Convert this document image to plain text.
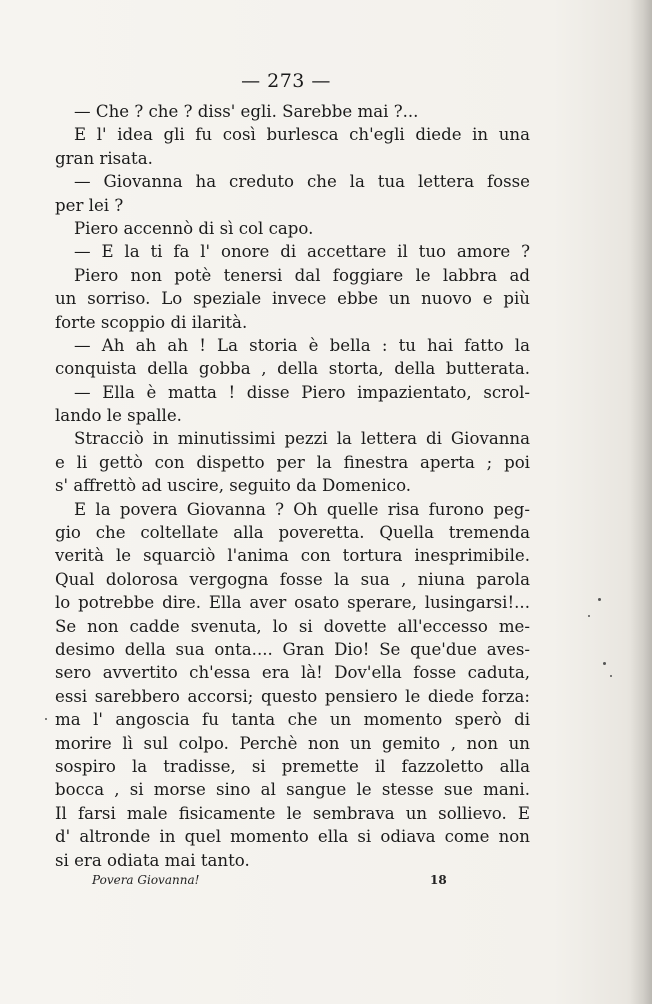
— 273 —
— Che ? che ? diss' egli. Sarebbe mai ?...
E l' idea gli fu così burlesca ch'egli diede in una
gran risata.
— Giovanna ha creduto che la tua lettera fosse
per lei ?
Piero accennò di sì col capo.
— E la ti fa l' onore di accettare il tuo amore ?
Piero non potè tenersi dal foggiare le labbra ad
un sorriso. Lo speziale invece ebbe un nuovo e più
forte scoppio di ilarità.
— Ah ah ah ! La storia è bella : tu hai fatto la
conquista della gobba , della storta, della butterata.
— Ella è matta ! disse Piero impazientato, scrol-
lando le spalle.
Stracciò in minutissimi pezzi la lettera di Giovanna
e li gettò con dispetto per la finestra aperta ; poi
s' affrettò ad uscire, seguito da Domenico.
E la povera Giovanna ? Oh quelle risa furono peg-
gio che coltellate alla poveretta. Quella tremenda
verità le squarciò l'anima con tortura inesprimibile.
Qual dolorosa vergogna fosse la sua , niuna parola
lo potrebbe dire. Ella aver osato sperare, lusingarsi!...
Se non cadde svenuta, lo si dovette all'eccesso me-
desimo della sua onta.... Gran Dio! Se que'due aves-
sero avvertito ch'essa era là! Dov'ella fosse caduta,
essi sarebbero accorsi; questo pensiero le diede forza:
ma l' angoscia fu tanta che un momento sperò di
morire lì sul colpo. Perchè non un gemito , non un
sospiro la tradisse, si premette il fazzoletto alla
bocca , si morse sino al sangue le stesse sue mani.
Il farsi male fisicamente le sembrava un sollievo. E
d' altronde in quel momento ella si odiava come non
si era odiata mai tanto.
Povera Giovanna!	18
